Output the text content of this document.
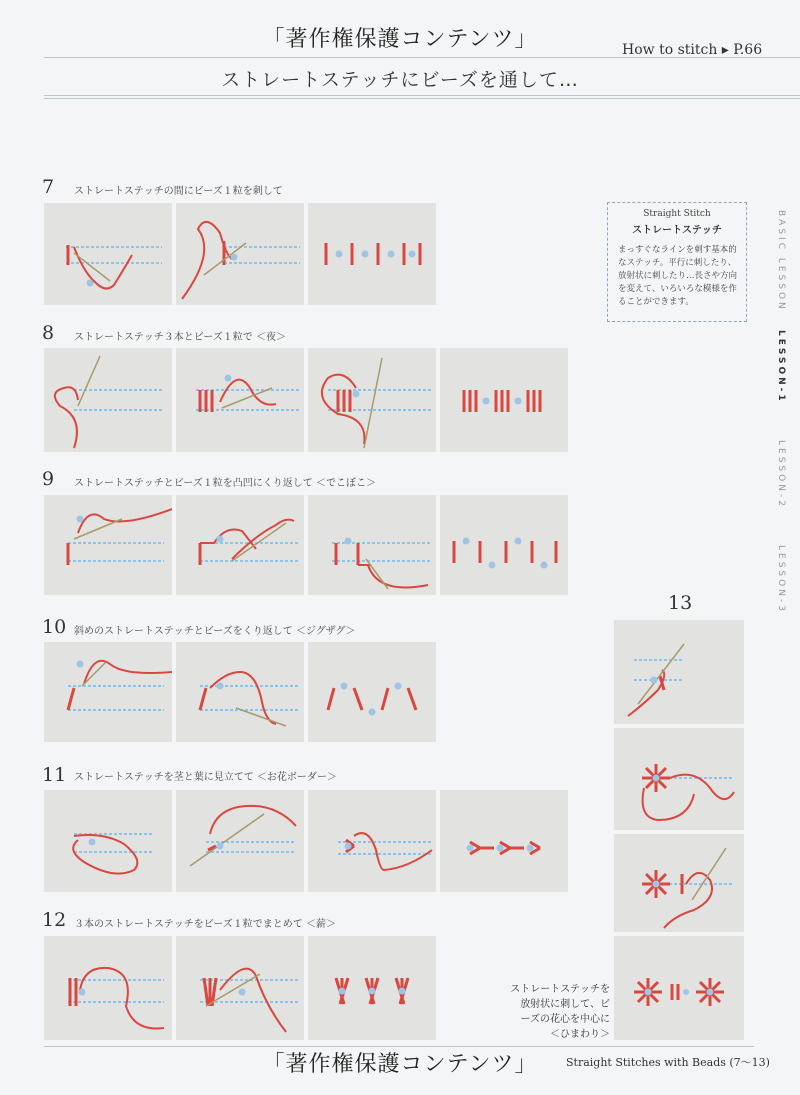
「著作権保護コンテンツ」	How to stitch ▸ P.66
ストレートステッチにビーズを通して…
BASIC LESSON
LESSON-1
LESSON-2
LESSON-3
Straight Stitch
ストレートステッチ
まっすぐなラインを刺す基本的なステッチ。平行に刺したり、放射状に刺したり…長さや方向を変えて、いろいろな模様を作ることができます。
7 ストレートステッチの間にビーズ１粒を刺して
8 ストレートステッチ３本とビーズ１粒で ＜夜＞
9 ストレートステッチとビーズ１粒を凸凹にくり返して ＜でこぼこ＞
10 斜めのストレートステッチとビーズをくり返して ＜ジグザグ＞
11 ストレートステッチを茎と葉に見立てて ＜お花ボーダー＞
12 ３本のストレートステッチをビーズ１粒でまとめて ＜薪＞
13
ストレートステッチを
放射状に刺して、ビ
ーズの花心を中心に
＜ひまわり＞
「著作権保護コンテンツ」	Straight Stitches with Beads (7～13)
